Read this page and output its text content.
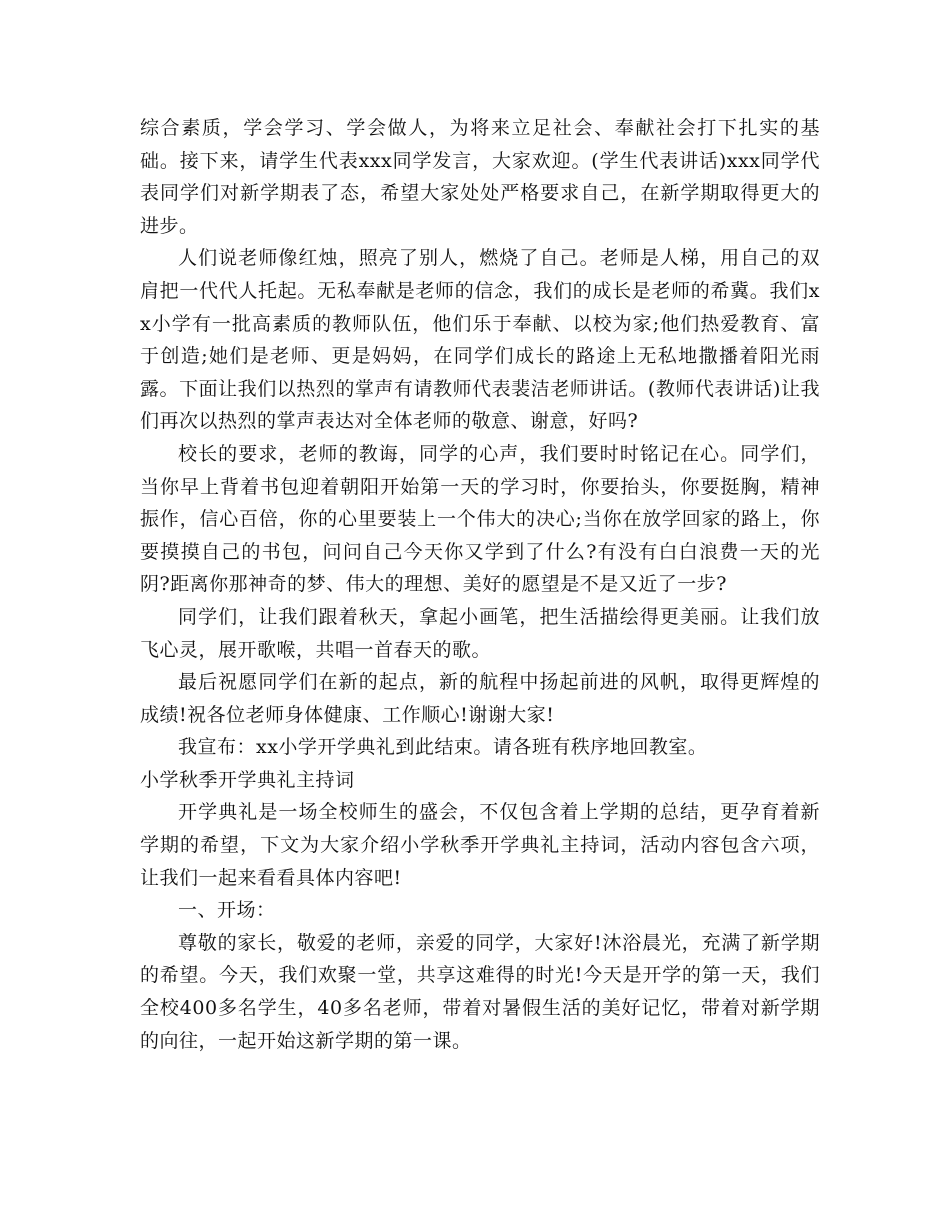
综合素质，学会学习、学会做人，为将来立足社会、奉献社会打下扎实的基础。接下来，请学生代表xxx同学发言，大家欢迎。(学生代表讲话)xxx同学代表同学们对新学期表了态，希望大家处处严格要求自己，在新学期取得更大的进步。

人们说老师像红烛，照亮了别人，燃烧了自己。老师是人梯，用自己的双肩把一代代人托起。无私奉献是老师的信念，我们的成长是老师的希冀。我们xx小学有一批高素质的教师队伍，他们乐于奉献、以校为家;他们热爱教育、富于创造;她们是老师、更是妈妈，在同学们成长的路途上无私地撒播着阳光雨露。下面让我们以热烈的掌声有请教师代表裴洁老师讲话。(教师代表讲话)让我们再次以热烈的掌声表达对全体老师的敬意、谢意，好吗?

校长的要求，老师的教诲，同学的心声，我们要时时铭记在心。同学们，当你早上背着书包迎着朝阳开始第一天的学习时，你要抬头，你要挺胸，精神振作，信心百倍，你的心里要装上一个伟大的决心;当你在放学回家的路上，你要摸摸自己的书包，问问自己今天你又学到了什么?有没有白白浪费一天的光阴?距离你那神奇的梦、伟大的理想、美好的愿望是不是又近了一步?

同学们，让我们跟着秋天，拿起小画笔，把生活描绘得更美丽。让我们放飞心灵，展开歌喉，共唱一首春天的歌。

最后祝愿同学们在新的起点，新的航程中扬起前进的风帆，取得更辉煌的成绩!祝各位老师身体健康、工作顺心!谢谢大家!

我宣布：xx小学开学典礼到此结束。请各班有秩序地回教室。

小学秋季开学典礼主持词

开学典礼是一场全校师生的盛会，不仅包含着上学期的总结，更孕育着新学期的希望，下文为大家介绍小学秋季开学典礼主持词，活动内容包含六项，让我们一起来看看具体内容吧!

一、开场：

尊敬的家长，敬爱的老师，亲爱的同学，大家好!沐浴晨光，充满了新学期的希望。今天，我们欢聚一堂，共享这难得的时光!今天是开学的第一天，我们全校400多名学生，40多名老师，带着对暑假生活的美好记忆，带着对新学期的向往，一起开始这新学期的第一课。
